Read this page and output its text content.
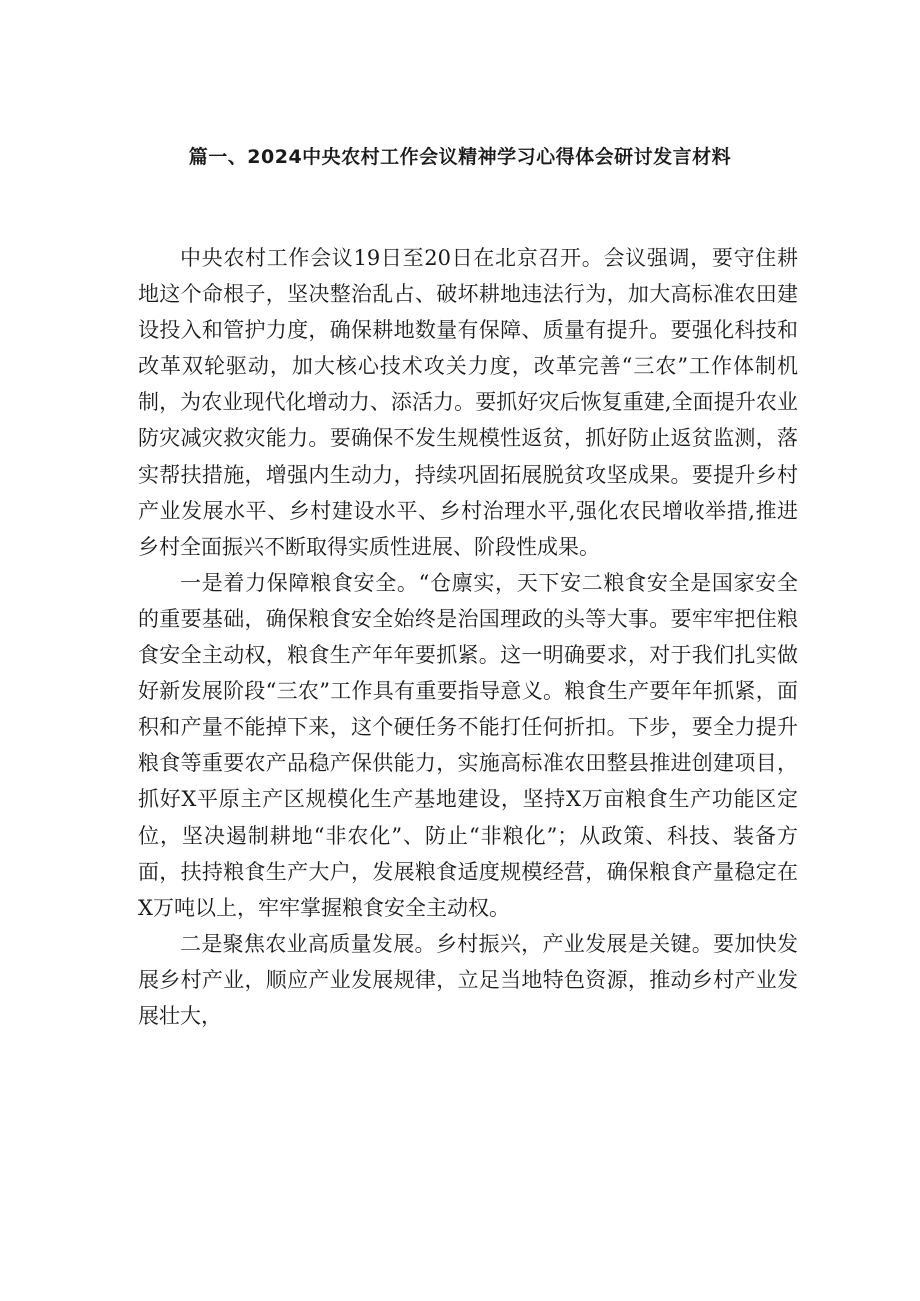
篇一、2024中央农村工作会议精神学习心得体会研讨发言材料

中央农村工作会议19日至20日在北京召开。会议强调，要守住耕地这个命根子，坚决整治乱占、破坏耕地违法行为，加大高标准农田建设投入和管护力度，确保耕地数量有保障、质量有提升。要强化科技和改革双轮驱动，加大核心技术攻关力度，改革完善“三农”工作体制机制，为农业现代化增动力、添活力。要抓好灾后恢复重建,全面提升农业防灾减灾救灾能力。要确保不发生规模性返贫，抓好防止返贫监测，落实帮扶措施，增强内生动力，持续巩固拓展脱贫攻坚成果。要提升乡村产业发展水平、乡村建设水平、乡村治理水平,强化农民增收举措,推进乡村全面振兴不断取得实质性进展、阶段性成果。

一是着力保障粮食安全。“仓廪实，天下安二粮食安全是国家安全的重要基础，确保粮食安全始终是治国理政的头等大事。要牢牢把住粮食安全主动权，粮食生产年年要抓紧。这一明确要求，对于我们扎实做好新发展阶段“三农”工作具有重要指导意义。粮食生产要年年抓紧，面积和产量不能掉下来，这个硬任务不能打任何折扣。下步，要全力提升粮食等重要农产品稳产保供能力，实施高标准农田整县推进创建项目，抓好X平原主产区规模化生产基地建设，坚持X万亩粮食生产功能区定位，坚决遏制耕地“非农化”、防止“非粮化”；从政策、科技、装备方面，扶持粮食生产大户，发展粮食适度规模经营，确保粮食产量稳定在X万吨以上，牢牢掌握粮食安全主动权。

二是聚焦农业高质量发展。乡村振兴，产业发展是关键。要加快发展乡村产业，顺应产业发展规律，立足当地特色资源，推动乡村产业发展壮大，
